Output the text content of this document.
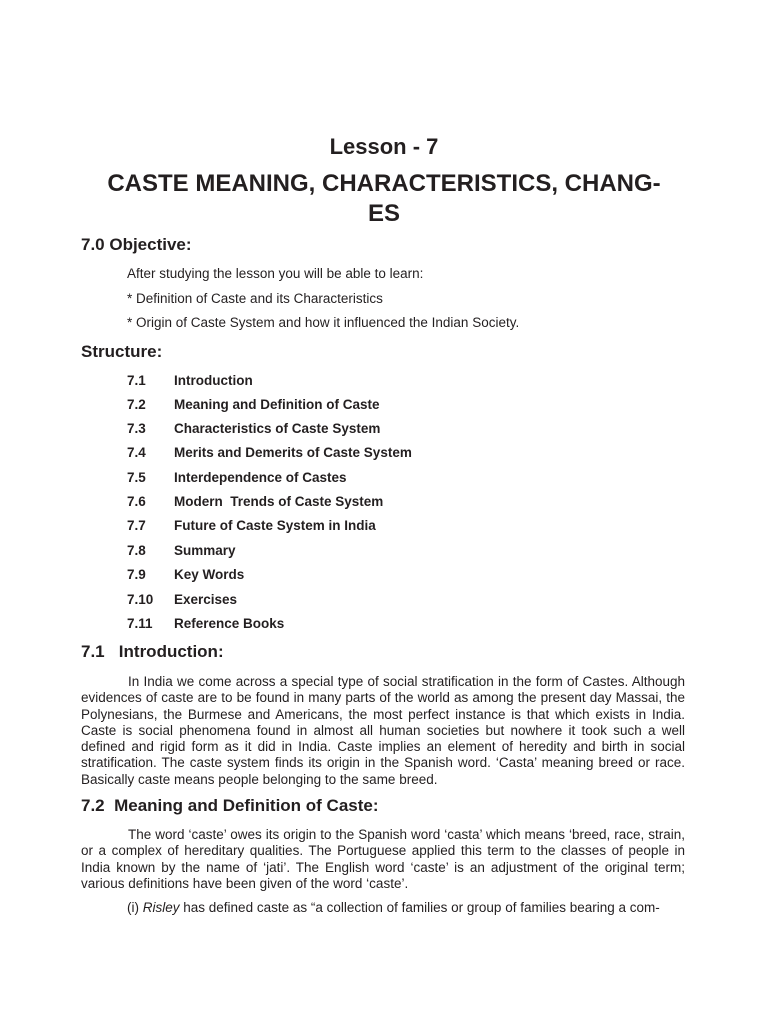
Lesson - 7
CASTE MEANING, CHARACTERISTICS, CHANG-
ES
7.0 Objective:
After studying the lesson you will be able to learn:
* Definition of Caste and its Characteristics
* Origin of Caste System and how it influenced the Indian Society.
Structure:
7.1 Introduction
7.2 Meaning and Definition of Caste
7.3 Characteristics of Caste System
7.4 Merits and Demerits of Caste System
7.5 Interdependence of Castes
7.6 Modern  Trends of Caste System
7.7 Future of Caste System in India
7.8 Summary
7.9 Key Words
7.10 Exercises
7.11 Reference Books
7.1   Introduction:
In India we come across a special type of social stratification in the form of Castes. Although evidences of caste are to be found in many parts of the world as among the present day Massai, the Polynesians, the Burmese and Americans, the most perfect instance is that which exists in India. Caste is social phenomena found in almost all human societies but nowhere it took such a well defined and rigid form as it did in India. Caste implies an element of heredity and birth in social stratification. The caste system finds its origin in the Spanish word. ‘Casta’ meaning breed or race. Basically caste means people belonging to the same breed.
7.2  Meaning and Definition of Caste:
The word ‘caste’ owes its origin to the Spanish word ‘casta’ which means ‘breed, race, strain, or a complex of hereditary qualities. The Portuguese applied this term to the classes of people in India known by the name of ‘jati’. The English word ‘caste’ is an adjustment of the original term; various definitions have been given of the word ‘caste’.
(i) Risley has defined caste as “a collection of families or group of families bearing a com-
